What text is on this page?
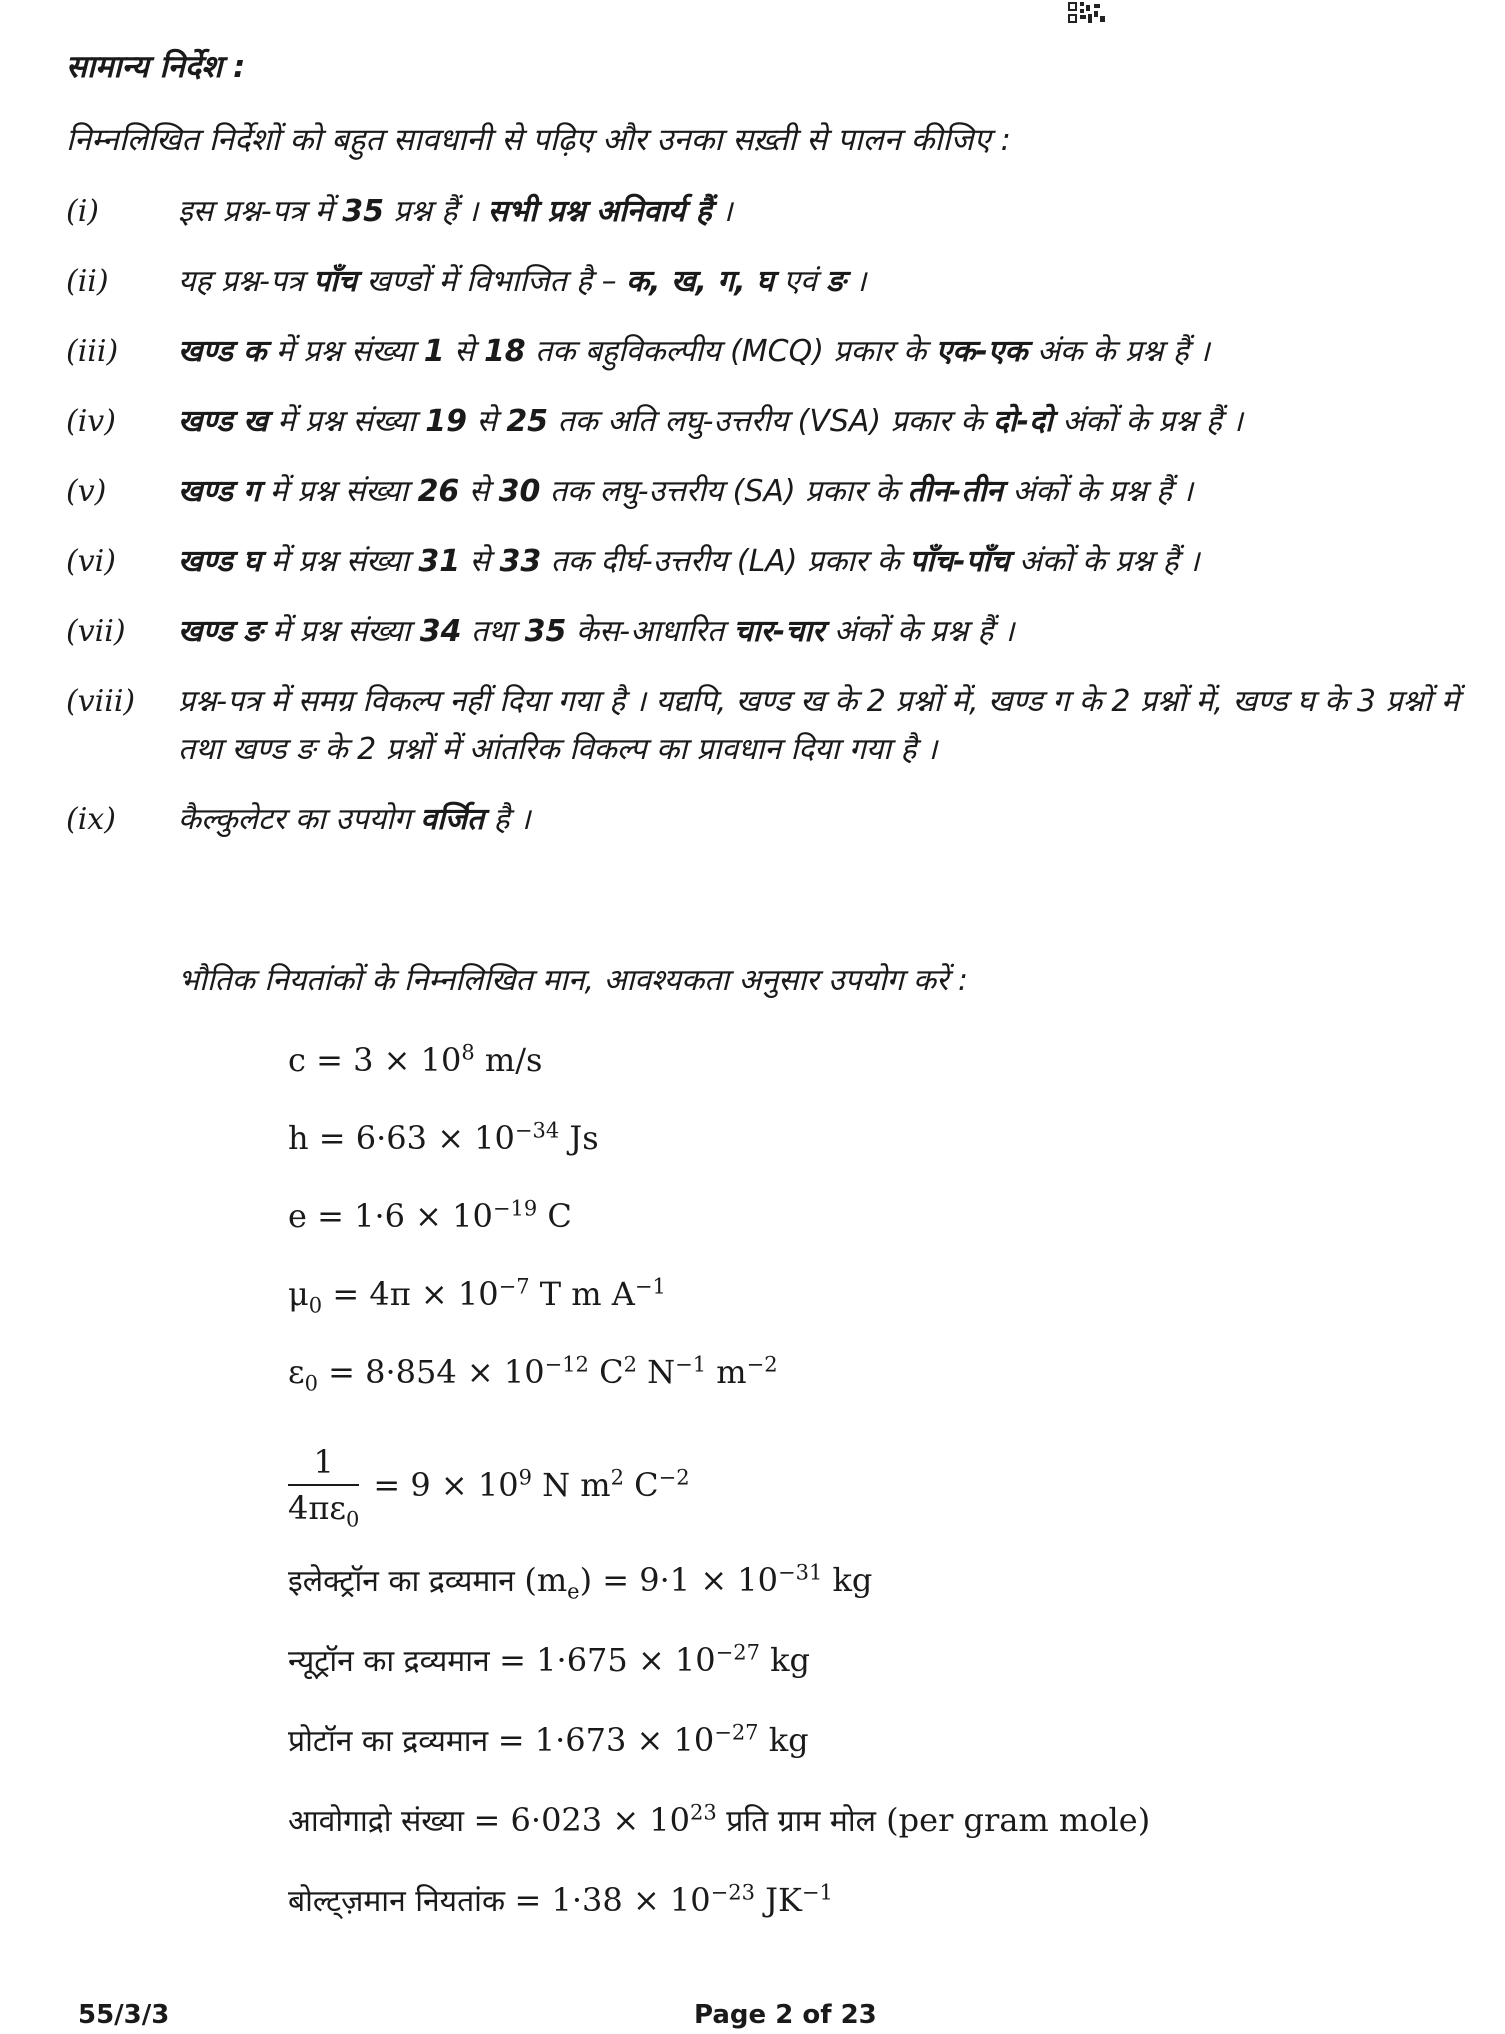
सामान्य निर्देश :
निम्नलिखित निर्देशों को बहुत सावधानी से पढ़िए और उनका सख़्ती से पालन कीजिए :
(i)	इस प्रश्न-पत्र में 35 प्रश्न हैं । सभी प्रश्न अनिवार्य हैं ।
(ii)	यह प्रश्न-पत्र पाँच खण्डों में विभाजित है – क, ख, ग, घ एवं ङ ।
(iii)	खण्ड क में प्रश्न संख्या 1 से 18 तक बहुविकल्पीय (MCQ) प्रकार के एक-एक अंक के प्रश्न हैं ।
(iv)	खण्ड ख में प्रश्न संख्या 19 से 25 तक अति लघु-उत्तरीय (VSA) प्रकार के दो-दो अंकों के प्रश्न हैं ।
(v)	खण्ड ग में प्रश्न संख्या 26 से 30 तक लघु-उत्तरीय (SA) प्रकार के तीन-तीन अंकों के प्रश्न हैं ।
(vi)	खण्ड घ में प्रश्न संख्या 31 से 33 तक दीर्घ-उत्तरीय (LA) प्रकार के पाँच-पाँच अंकों के प्रश्न हैं ।
(vii)	खण्ड ङ में प्रश्न संख्या 34 तथा 35 केस-आधारित चार-चार अंकों के प्रश्न हैं ।
(viii)	प्रश्न-पत्र में समग्र विकल्प नहीं दिया गया है । यद्यपि, खण्ड ख के 2 प्रश्नों में, खण्ड ग के 2 प्रश्नों में, खण्ड घ के 3 प्रश्नों में तथा खण्ड ङ के 2 प्रश्नों में आंतरिक विकल्प का प्रावधान दिया गया है ।
(ix)	कैल्कुलेटर का उपयोग वर्जित है ।
भौतिक नियतांकों के निम्नलिखित मान, आवश्यकता अनुसार उपयोग करें :
$c = 3 \times 10^8$ m/s
$h = 6\cdot 63 \times 10^{-34}$ Js
$e = 1\cdot 6 \times 10^{-19}$ C
$\mu_0 = 4\pi \times 10^{-7}$ T m $A^{-1}$
$\varepsilon_0 = 8\cdot 854 \times 10^{-12}$ $C^2$ $N^{-1}$ $m^{-2}$
$\frac{1}{4\pi\varepsilon_0} = 9 \times 10^9$ N $m^2$ $C^{-2}$
इलेक्ट्रॉन का द्रव्यमान $(m_e) = 9\cdot 1 \times 10^{-31}$ kg
न्यूट्रॉन का द्रव्यमान = $1\cdot 675 \times 10^{-27}$ kg
प्रोटॉन का द्रव्यमान = $1\cdot 673 \times 10^{-27}$ kg
आवोगाद्रो संख्या = $6\cdot 023 \times 10^{23}$ प्रति ग्राम मोल (per gram mole)
बोल्ट्ज़मान नियतांक = $1\cdot 38 \times 10^{-23}$ $JK^{-1}$
55/3/3	Page 2 of 23
